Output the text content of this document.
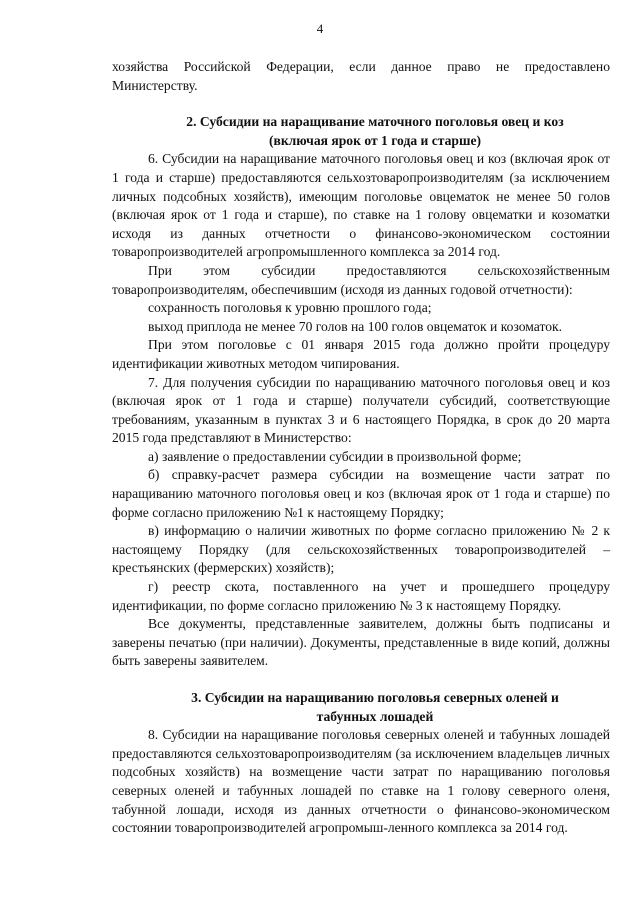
4

хозяйства Российской Федерации, если данное право не предоставлено Министерству.

2. Субсидии на наращивание маточного поголовья овец и коз

(включая ярок от 1 года и старше)

6. Субсидии на наращивание маточного поголовья овец и коз (включая ярок от 1 года и старше) предоставляются сельхозтоваропроизводителям (за исключением личных подсобных хозяйств), имеющим поголовье овцематок не менее 50 голов (включая ярок от 1 года и старше), по ставке на 1 голову овцематки и козоматки исходя из данных отчетности о финансово-экономическом состоянии товаропроизводителей агропромышленного комплекса за 2014 год.

При этом субсидии предоставляются сельскохозяйственным товаропроизводителям, обеспечившим (исходя из данных годовой отчетности):

сохранность поголовья к уровню прошлого года;

выход приплода не менее 70 голов на 100 голов овцематок и козоматок.

При этом поголовье с 01 января 2015 года должно пройти процедуру идентификации животных методом чипирования.

7. Для получения субсидии по наращиванию маточного поголовья овец и коз (включая ярок от 1 года и старше) получатели субсидий, соответствующие требованиям, указанным в пунктах 3 и 6 настоящего Порядка, в срок до 20 марта 2015 года представляют в Министерство:

а) заявление о предоставлении субсидии в произвольной форме;

б) справку-расчет размера субсидии на возмещение части затрат по наращиванию маточного поголовья овец и коз (включая ярок от 1 года и старше) по форме согласно приложению №1 к настоящему Порядку;

в) информацию о наличии животных по форме согласно приложению № 2 к настоящему Порядку (для сельскохозяйственных товаропроизводителей – крестьянских (фермерских) хозяйств);

г) реестр скота, поставленного на учет и прошедшего процедуру идентификации, по форме согласно приложению № 3 к настоящему Порядку.

Все документы, представленные заявителем, должны быть подписаны и заверены печатью (при наличии). Документы, представленные в виде копий, должны быть заверены заявителем.

3. Субсидии на наращиванию поголовья северных оленей и

табунных лошадей

8. Субсидии на наращивание поголовья северных оленей и табунных лошадей предоставляются сельхозтоваропроизводителям (за исключением владельцев личных подсобных хозяйств) на возмещение части затрат по наращиванию поголовья северных оленей и табунных лошадей по ставке на 1 голову северного оленя, табунной лошади, исходя из данных отчетности о финансово-экономическом состоянии товаропроизводителей агропромыш-ленного комплекса за 2014 год.
